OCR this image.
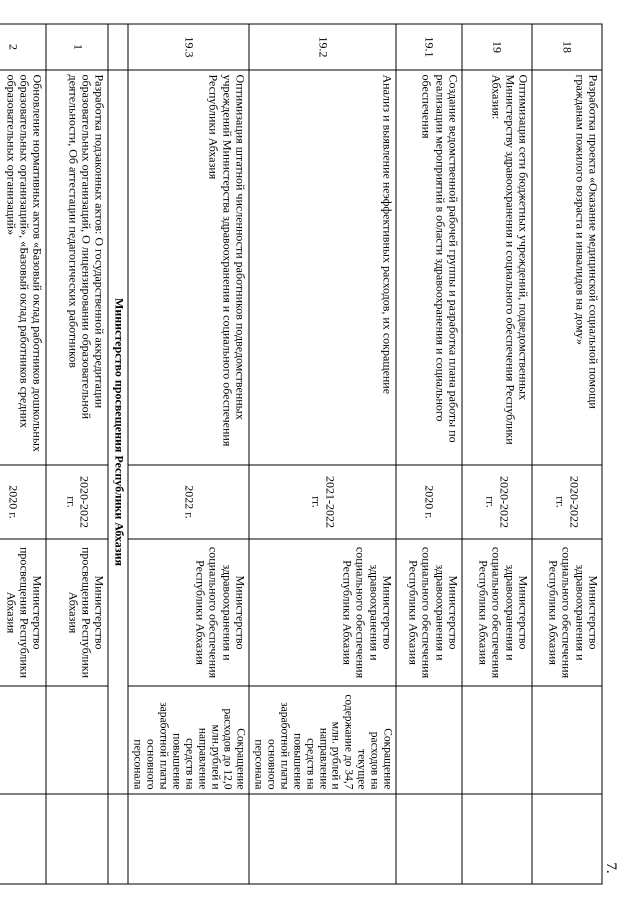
7.
18	Разработка проекта «Оказание медицинской социальной помощи гражданам пожилого возраста и инвалидов на дому»	2020-2022 гг.	Министерство здравоохранения и социального обеспечения Республики Абхазия		
19	Оптимизация сети бюджетных учреждений, подведомственных Министерству здравоохранения и социального обеспечения Республики Абхазия:	2020-2022 гг.	Министерство здравоохранения и социального обеспечения Республики Абхазия		
19.1	Создание ведомственной рабочей группы и разработка плана работы по реализации мероприятий в области здравоохранения и социального обеспечения	2020 г.	Министерство здравоохранения и социального обеспечения Республики Абхазия		
19.2	Анализ и выявление неэффективных расходов, их сокращение	2021-2022 гг.	Министерство здравоохранения и социального обеспечения Республики Абхазия	Сокращение расходов на текущее содержание до 34,7 млн. рублей и направление средств на повышение заработной платы основного персонала	
19.3	Оптимизация штатной численности работников подведомственных учреждений Министерства здравоохранения и социального обеспечения Республики Абхазия	2022 г.	Министерство здравоохранения и социального обеспечения Республики Абхазия	Сокращение расходов до 12,0 млн.рублей и направление средств на повышение заработной платы основного персонала	
	Министерство просвещения Республики Абхазия				
1	Разработка подзаконных актов: О государственной аккредитации образовательных организаций, О лицензировании образовательной деятельности, Об аттестации педагогических работников	2020-2022 гг.	Министерство просвещения Республики Абхазия		
2	Обновление нормативных актов «Базовый оклад работников дошкольных образовательных организаций», «Базовый оклад работников средних образовательных организаций»	2020 г.	Министерство просвещения Республики Абхазия		
